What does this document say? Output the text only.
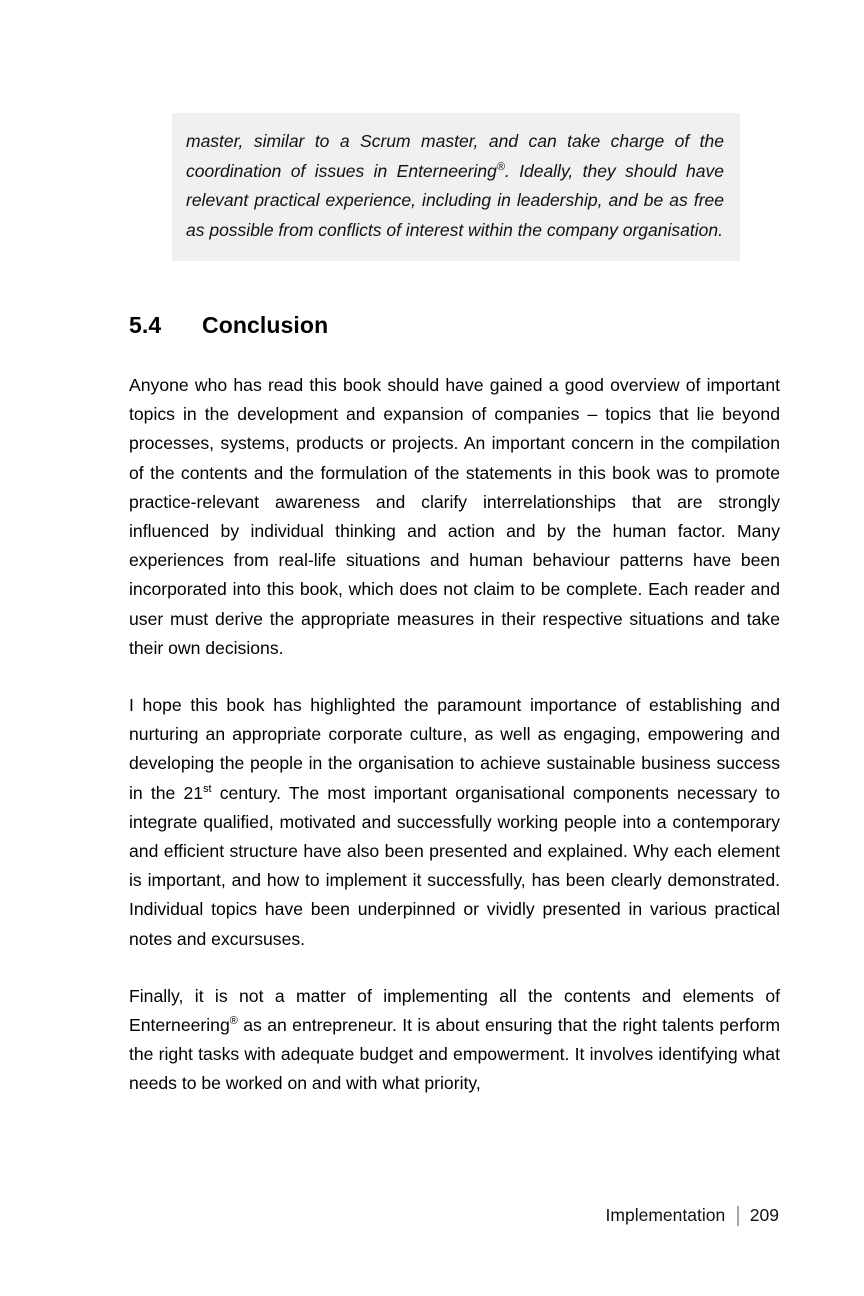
master, similar to a Scrum master, and can take charge of the coordination of issues in Enterneering®. Ideally, they should have relevant practical experience, including in leadership, and be as free as possible from conflicts of interest within the company organisation.

5.4	Conclusion

Anyone who has read this book should have gained a good overview of important topics in the development and expansion of companies – topics that lie beyond processes, systems, products or projects. An important concern in the compilation of the contents and the formulation of the statements in this book was to promote practice-relevant awareness and clarify interrelationships that are strongly influenced by individual thinking and action and by the human factor. Many experiences from real-life situations and human behaviour patterns have been incorporated into this book, which does not claim to be complete. Each reader and user must derive the appropriate measures in their respective situations and take their own decisions.

I hope this book has highlighted the paramount importance of establishing and nurturing an appropriate corporate culture, as well as engaging, empowering and developing the people in the organisation to achieve sustainable business success in the 21st century. The most important organisational components necessary to integrate qualified, motivated and successfully working people into a contemporary and efficient structure have also been presented and explained. Why each element is important, and how to implement it successfully, has been clearly demonstrated. Individual topics have been underpinned or vividly presented in various practical notes and excursuses.

Finally, it is not a matter of implementing all the contents and elements of Enterneering® as an entrepreneur. It is about ensuring that the right talents perform the right tasks with adequate budget and empowerment. It involves identifying what needs to be worked on and with what priority,

Implementation 209
